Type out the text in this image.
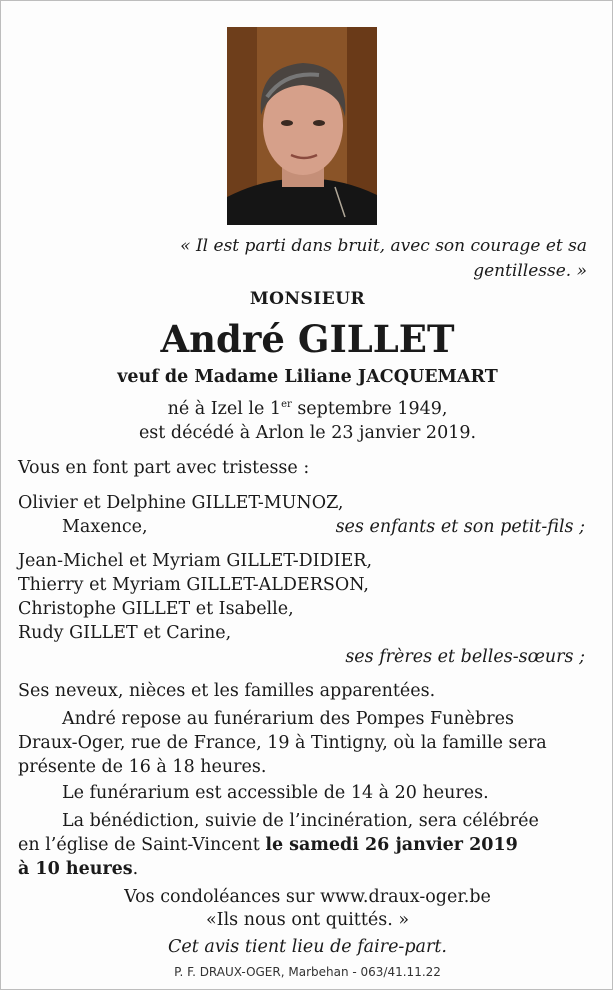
« Il est parti dans bruit, avec son courage et sa
gentillesse. »
MONSIEUR
André GILLET
veuf de Madame Liliane JACQUEMART
né à Izel le 1er septembre 1949,
est décédé à Arlon le 23 janvier 2019.
Vous en font part avec tristesse :
Olivier et Delphine GILLET-MUNOZ,
Maxence,	ses enfants et son petit-fils ;
Jean-Michel et Myriam GILLET-DIDIER,
Thierry et Myriam GILLET-ALDERSON,
Christophe GILLET et Isabelle,
Rudy GILLET et Carine,
ses frères et belles-sœurs ;
Ses neveux, nièces et les familles apparentées.
André repose au funérarium des Pompes Funèbres
Draux-Oger, rue de France, 19 à Tintigny, où la famille sera
présente de 16 à 18 heures.
Le funérarium est accessible de 14 à 20 heures.
La bénédiction, suivie de l’incinération, sera célébrée
en l’église de Saint-Vincent le samedi 26 janvier 2019
à 10 heures.
Vos condoléances sur www.draux-oger.be
«Ils nous ont quittés. »
Cet avis tient lieu de faire-part.
P. F. DRAUX-OGER, Marbehan - 063/41.11.22
